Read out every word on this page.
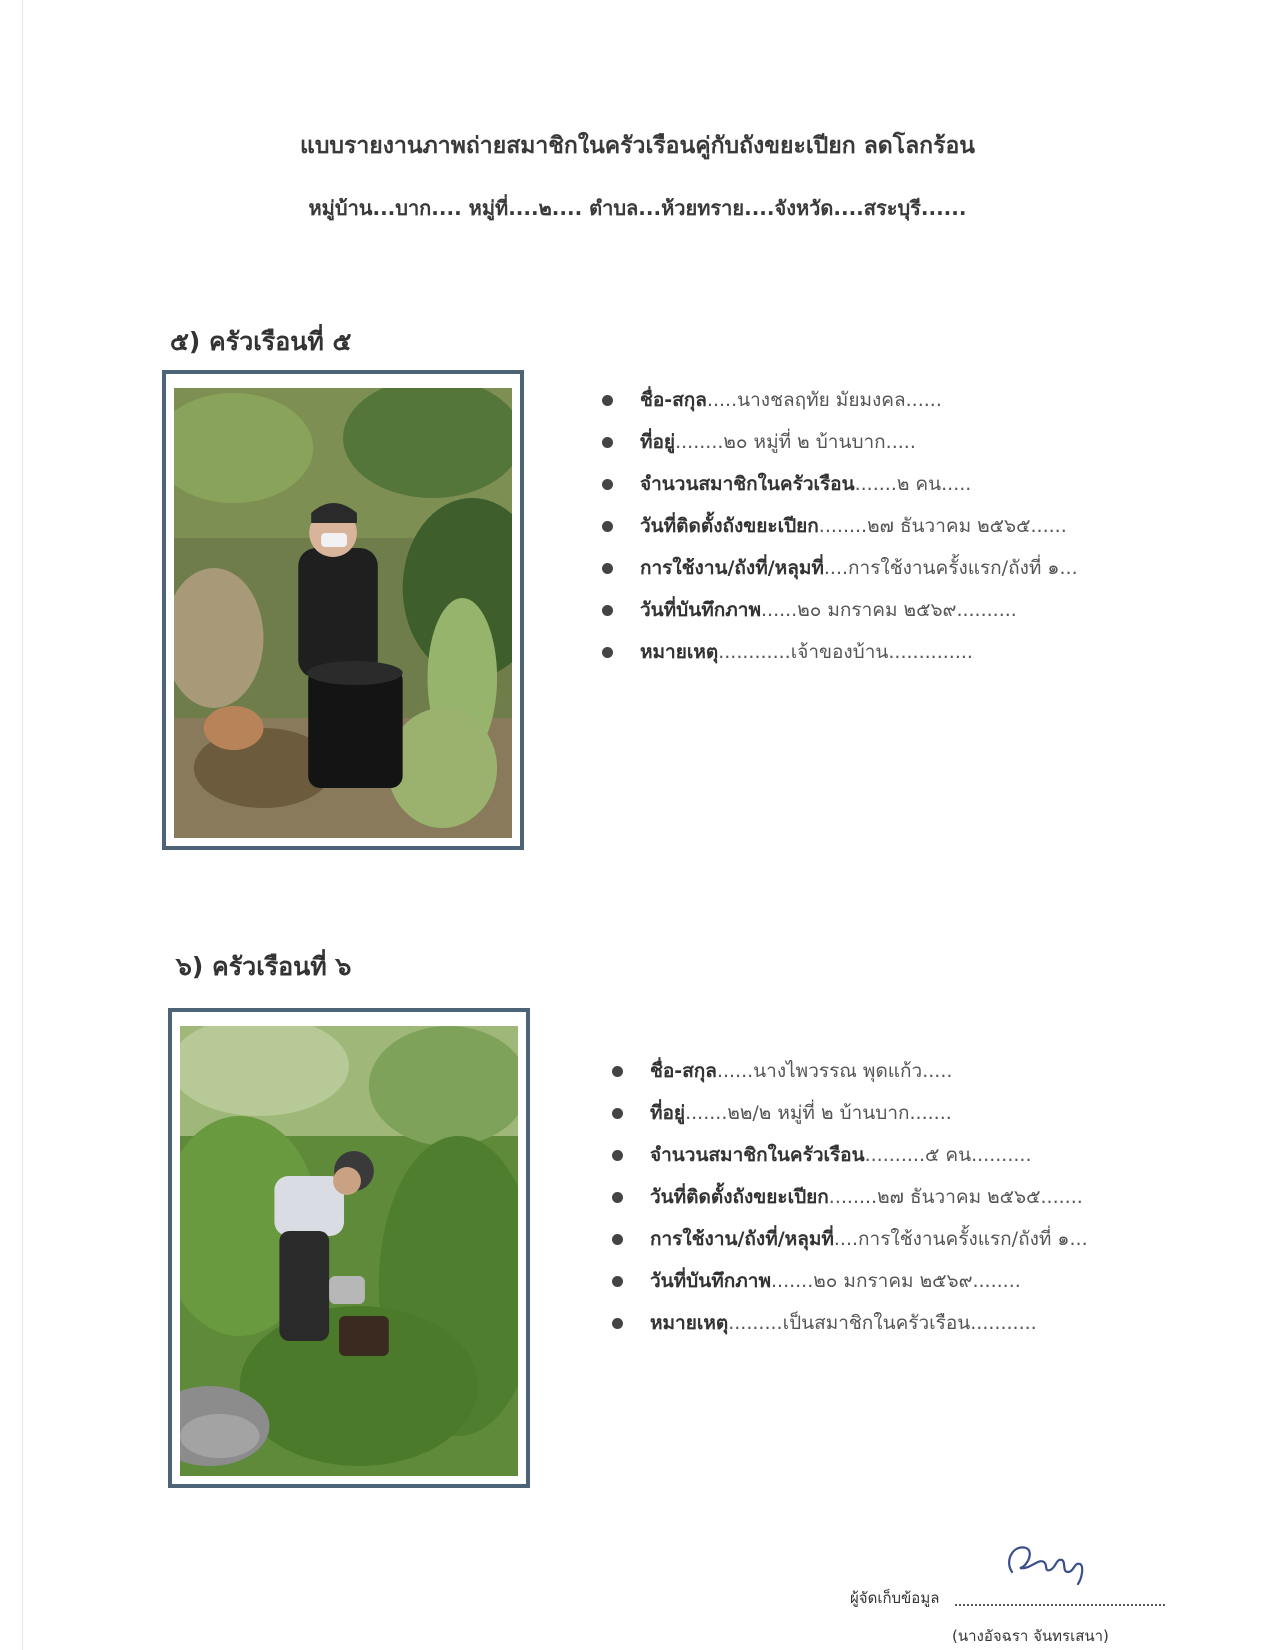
แบบรายงานภาพถ่ายสมาชิกในครัวเรือนคู่กับถังขยะเปียก ลดโลกร้อน
หมู่บ้าน...บาก.... หมู่ที่....๒.... ตำบล...ห้วยทราย....จังหวัด....สระบุรี......
๕) ครัวเรือนที่ ๕
ชื่อ-สกุล.....นางชลฤทัย มัยมงคล......
ที่อยู่........๒๐ หมู่ที่ ๒ บ้านบาก.....
จำนวนสมาชิกในครัวเรือน.......๒ คน.....
วันที่ติดตั้งถังขยะเปียก........๒๗ ธันวาคม ๒๕๖๕......
การใช้งาน/ถังที่/หลุมที่....การใช้งานครั้งแรก/ถังที่ ๑...
วันที่บันทึกภาพ......๒๐ มกราคม ๒๕๖๙..........
หมายเหตุ............เจ้าของบ้าน..............
๖) ครัวเรือนที่ ๖
ชื่อ-สกุล......นางไพวรรณ พุดแก้ว.....
ที่อยู่.......๒๒/๒ หมู่ที่ ๒ บ้านบาก.......
จำนวนสมาชิกในครัวเรือน..........๕ คน..........
วันที่ติดตั้งถังขยะเปียก........๒๗ ธันวาคม ๒๕๖๕.......
การใช้งาน/ถังที่/หลุมที่....การใช้งานครั้งแรก/ถังที่ ๑...
วันที่บันทึกภาพ.......๒๐ มกราคม ๒๕๖๙........
หมายเหตุ.........เป็นสมาชิกในครัวเรือน...........
ผู้จัดเก็บข้อมูล
(นางอัจฉรา จันทรเสนา)
